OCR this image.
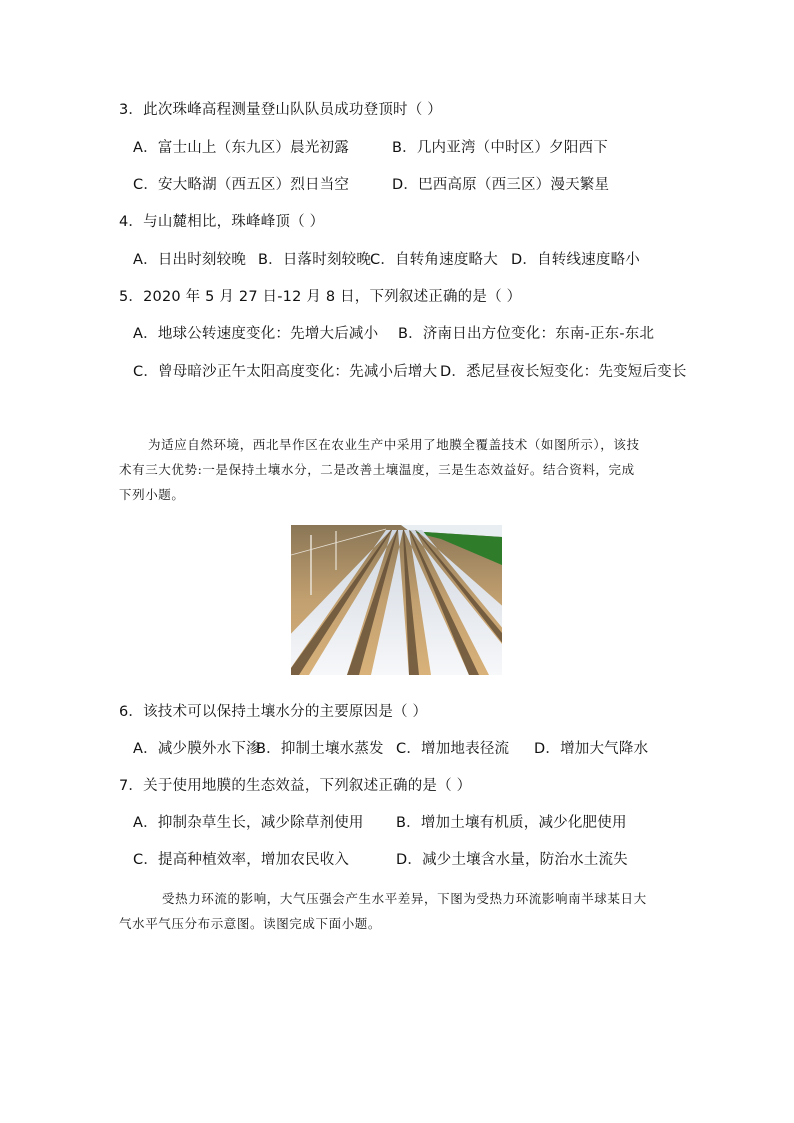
3．此次珠峰高程测量登山队队员成功登顶时（ ）
A．富士山上（东九区）晨光初露	B．几内亚湾（中时区）夕阳西下
C．安大略湖（西五区）烈日当空	D．巴西高原（西三区）漫天繁星
4．与山麓相比，珠峰峰顶（ ）
A．日出时刻较晚 B．日落时刻较晚
C．自转角速度略大 D．自转线速度略小
5．2020 年 5 月 27 日-12 月 8 日，下列叙述正确的是（ ）
A．地球公转速度变化：先增大后减小 B．济南日出方位变化：东南-正东-东北
C．曾母暗沙正午太阳高度变化：先减小后增大 D．悉尼昼夜长短变化：先变短后变长
为适应自然环境，西北旱作区在农业生产中采用了地膜全覆盖技术（如图所示），该技
术有三大优势:一是保持土壤水分，二是改善土壤温度，三是生态效益好。结合资料，完成
下列小题。
6．该技术可以保持土壤水分的主要原因是（ ）
A．减少膜外水下渗
B．抑制土壤水蒸发 C．增加地表径流 D．增加大气降水
7．关于使用地膜的生态效益，下列叙述正确的是（ ）
A．抑制杂草生长，减少除草剂使用 B．增加土壤有机质，减少化肥使用
C．提高种植效率，增加农民收入	D．减少土壤含水量，防治水土流失
受热力环流的影响，大气压强会产生水平差异，下图为受热力环流影响南半球某日大
气水平气压分布示意图。读图完成下面小题。
